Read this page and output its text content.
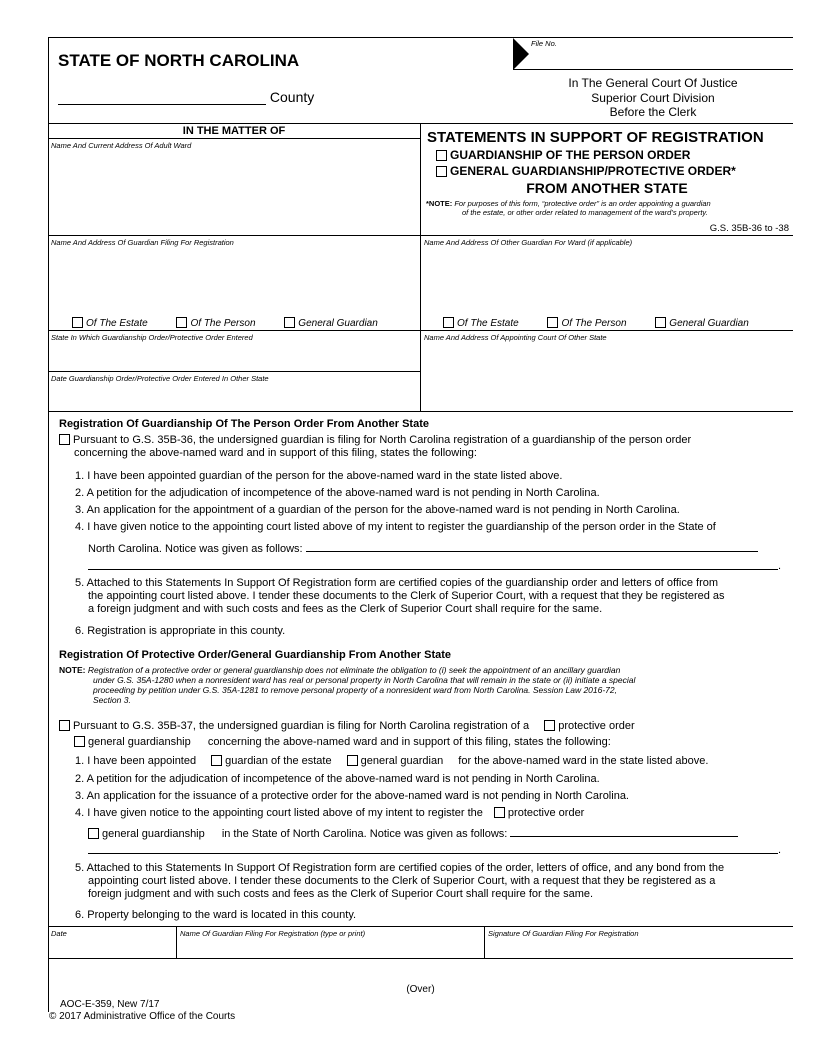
STATE OF NORTH CAROLINA
County
File No.
In The General Court Of Justice
Superior Court Division
Before the Clerk
IN THE MATTER OF
Name And Current Address Of Adult Ward	STATEMENTS IN SUPPORT OF REGISTRATION
GUARDIANSHIP OF THE PERSON ORDER
GENERAL GUARDIANSHIP/PROTECTIVE ORDER*
FROM ANOTHER STATE
*NOTE: For purposes of this form, “protective order” is an order appointing a guardian
of the estate, or other order related to management of the ward’s property.
G.S. 35B-36 to -38
Name And Address Of Guardian Filing For Registration	Name And Address Of Other Guardian For Ward (if applicable)
Of The Estate	Of The Person	General Guardian	Of The Estate	Of The Person	General Guardian
State In Which Guardianship Order/Protective Order Entered	Name And Address Of Appointing Court Of Other State
Date Guardianship Order/Protective Order Entered In Other State
Registration Of Guardianship Of The Person Order From Another State
Pursuant to G.S. 35B-36, the undersigned guardian is filing for North Carolina registration of a guardianship of the person order
concerning the above-named ward and in support of this filing, states the following:
1. I have been appointed guardian of the person for the above-named ward in the state listed above.
2. A petition for the adjudication of incompetence of the above-named ward is not pending in North Carolina.
3. An application for the appointment of a guardian of the person for the above-named ward is not pending in North Carolina.
4. I have given notice to the appointing court listed above of my intent to register the guardianship of the person order in the State of
North Carolina. Notice was given as follows:
.
5. Attached to this Statements In Support Of Registration form are certified copies of the guardianship order and letters of office from
the appointing court listed above. I tender these documents to the Clerk of Superior Court, with a request that they be registered as
a foreign judgment and with such costs and fees as the Clerk of Superior Court shall require for the same.
6. Registration is appropriate in this county.
Registration Of Protective Order/General Guardianship From Another State
NOTE: Registration of a protective order or general guardianship does not eliminate the obligation to (i) seek the appointment of an ancillary guardian
under G.S. 35A-1280 when a nonresident ward has real or personal property in North Carolina that will remain in the state or (ii) initiate a special
proceeding by petition under G.S. 35A-1281 to remove personal property of a nonresident ward from North Carolina. Session Law 2016-72,
Section 3.
Pursuant to G.S. 35B-37, the undersigned guardian is filing for North Carolina registration of a	protective order
general guardianship concerning the above-named ward and in support of this filing, states the following:
1. I have been appointed	guardian of the estate	general guardian for the above-named ward in the state listed above.
2. A petition for the adjudication of incompetence of the above-named ward is not pending in North Carolina.
3. An application for the issuance of a protective order for the above-named ward is not pending in North Carolina.
4. I have given notice to the appointing court listed above of my intent to register the protective order
general guardianship in the State of North Carolina. Notice was given as follows:
.
5. Attached to this Statements In Support Of Registration form are certified copies of the order, letters of office, and any bond from the
appointing court listed above. I tender these documents to the Clerk of Superior Court, with a request that they be registered as a
foreign judgment and with such costs and fees as the Clerk of Superior Court shall require for the same.
6. Property belonging to the ward is located in this county.
Date	Name Of Guardian Filing For Registration (type or print)	Signature Of Guardian Filing For Registration
(Over)
AOC-E-359, New 7/17
© 2017 Administrative Office of the Courts
